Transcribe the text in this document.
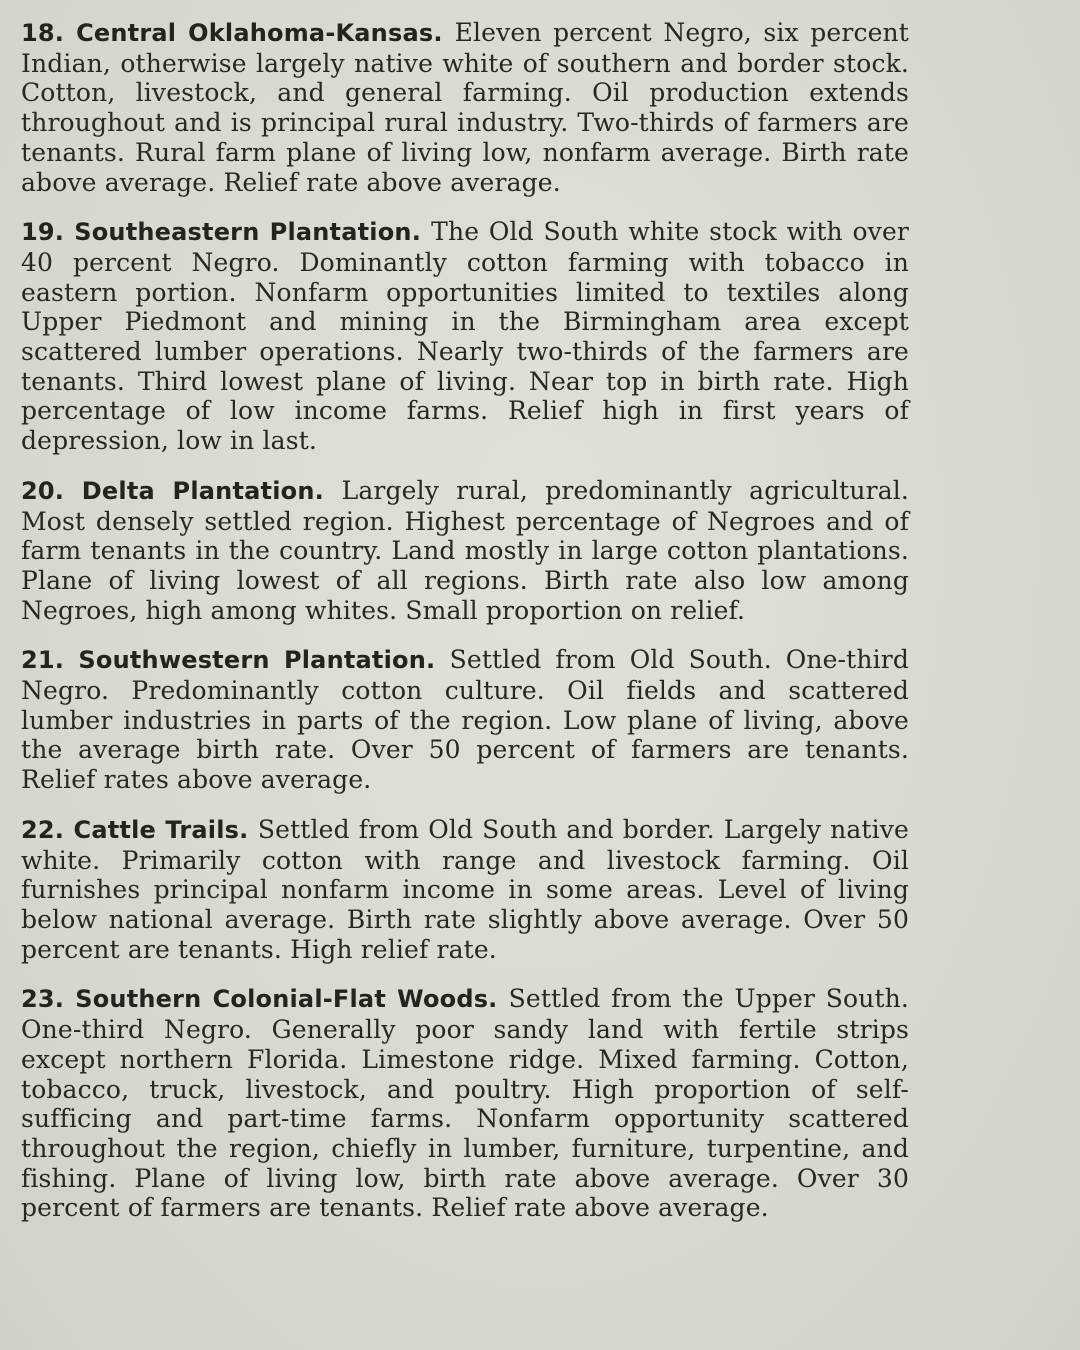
18. Central Oklahoma-Kansas. Eleven percent Negro, six percent Indian, otherwise largely native white of southern and border stock. Cotton, livestock, and general farming. Oil production extends throughout and is principal rural industry. Two-thirds of farmers are tenants. Rural farm plane of living low, nonfarm average. Birth rate above average. Relief rate above average.

19. Southeastern Plantation. The Old South white stock with over 40 percent Negro. Dominantly cotton farming with tobacco in eastern portion. Nonfarm opportunities limited to textiles along Upper Piedmont and mining in the Birmingham area except scattered lumber operations. Nearly two-thirds of the farmers are tenants. Third lowest plane of living. Near top in birth rate. High percentage of low income farms. Relief high in first years of depression, low in last.

20. Delta Plantation. Largely rural, predominantly agricultural. Most densely settled region. Highest percentage of Negroes and of farm tenants in the country. Land mostly in large cotton plantations. Plane of living lowest of all regions. Birth rate also low among Negroes, high among whites. Small proportion on relief.

21. Southwestern Plantation. Settled from Old South. One-third Negro. Predominantly cotton culture. Oil fields and scattered lumber industries in parts of the region. Low plane of living, above the average birth rate. Over 50 percent of farmers are tenants. Relief rates above average.

22. Cattle Trails. Settled from Old South and border. Largely native white. Primarily cotton with range and livestock farming. Oil furnishes principal nonfarm income in some areas. Level of living below national average. Birth rate slightly above average. Over 50 percent are tenants. High relief rate.

23. Southern Colonial-Flat Woods. Settled from the Upper South. One-third Negro. Generally poor sandy land with fertile strips except northern Florida. Limestone ridge. Mixed farming. Cotton, tobacco, truck, livestock, and poultry. High proportion of self-sufficing and part-time farms. Nonfarm opportunity scattered throughout the region, chiefly in lumber, furniture, turpentine, and fishing. Plane of living low, birth rate above average. Over 30 percent of farmers are tenants. Relief rate above average.
